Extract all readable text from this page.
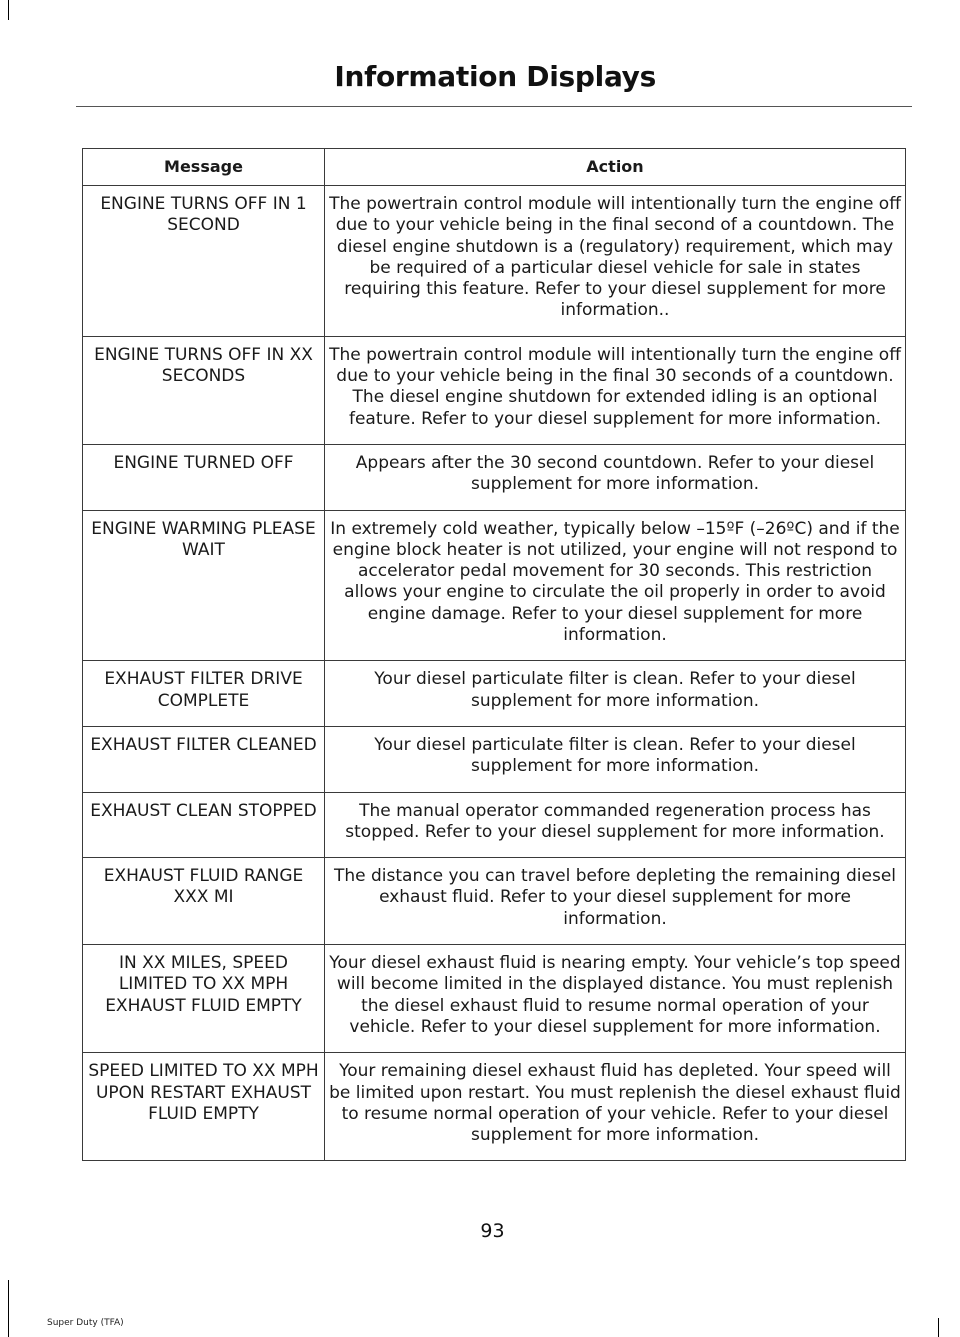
Information Displays
Message	Action
ENGINE TURNS OFF IN 1 SECOND	The powertrain control module will intentionally turn the engine off due to your vehicle being in the final second of a countdown. The diesel engine shutdown is a (regulatory) requirement, which may be required of a particular diesel vehicle for sale in states requiring this feature. Refer to your diesel supplement for more information..
ENGINE TURNS OFF IN XX SECONDS	The powertrain control module will intentionally turn the engine off due to your vehicle being in the final 30 seconds of a countdown. The diesel engine shutdown for extended idling is an optional feature. Refer to your diesel supplement for more information.
ENGINE TURNED OFF	Appears after the 30 second countdown. Refer to your diesel supplement for more information.
ENGINE WARMING PLEASE WAIT	In extremely cold weather, typically below –15ºF (–26ºC) and if the engine block heater is not utilized, your engine will not respond to accelerator pedal movement for 30 seconds. This restriction allows your engine to circulate the oil properly in order to avoid engine damage. Refer to your diesel supplement for more information.
EXHAUST FILTER DRIVE COMPLETE	Your diesel particulate filter is clean. Refer to your diesel supplement for more information.
EXHAUST FILTER CLEANED	Your diesel particulate filter is clean. Refer to your diesel supplement for more information.
EXHAUST CLEAN STOPPED	The manual operator commanded regeneration process has stopped. Refer to your diesel supplement for more information.
EXHAUST FLUID RANGE XXX MI	The distance you can travel before depleting the remaining diesel exhaust fluid. Refer to your diesel supplement for more information.
IN XX MILES, SPEED LIMITED TO XX MPH EXHAUST FLUID EMPTY	Your diesel exhaust fluid is nearing empty. Your vehicle’s top speed will become limited in the displayed distance. You must replenish the diesel exhaust fluid to resume normal operation of your vehicle. Refer to your diesel supplement for more information.
SPEED LIMITED TO XX MPH UPON RESTART EXHAUST FLUID EMPTY	Your remaining diesel exhaust fluid has depleted. Your speed will be limited upon restart. You must replenish the diesel exhaust fluid to resume normal operation of your vehicle. Refer to your diesel supplement for more information.
93
Super Duty (TFA)
